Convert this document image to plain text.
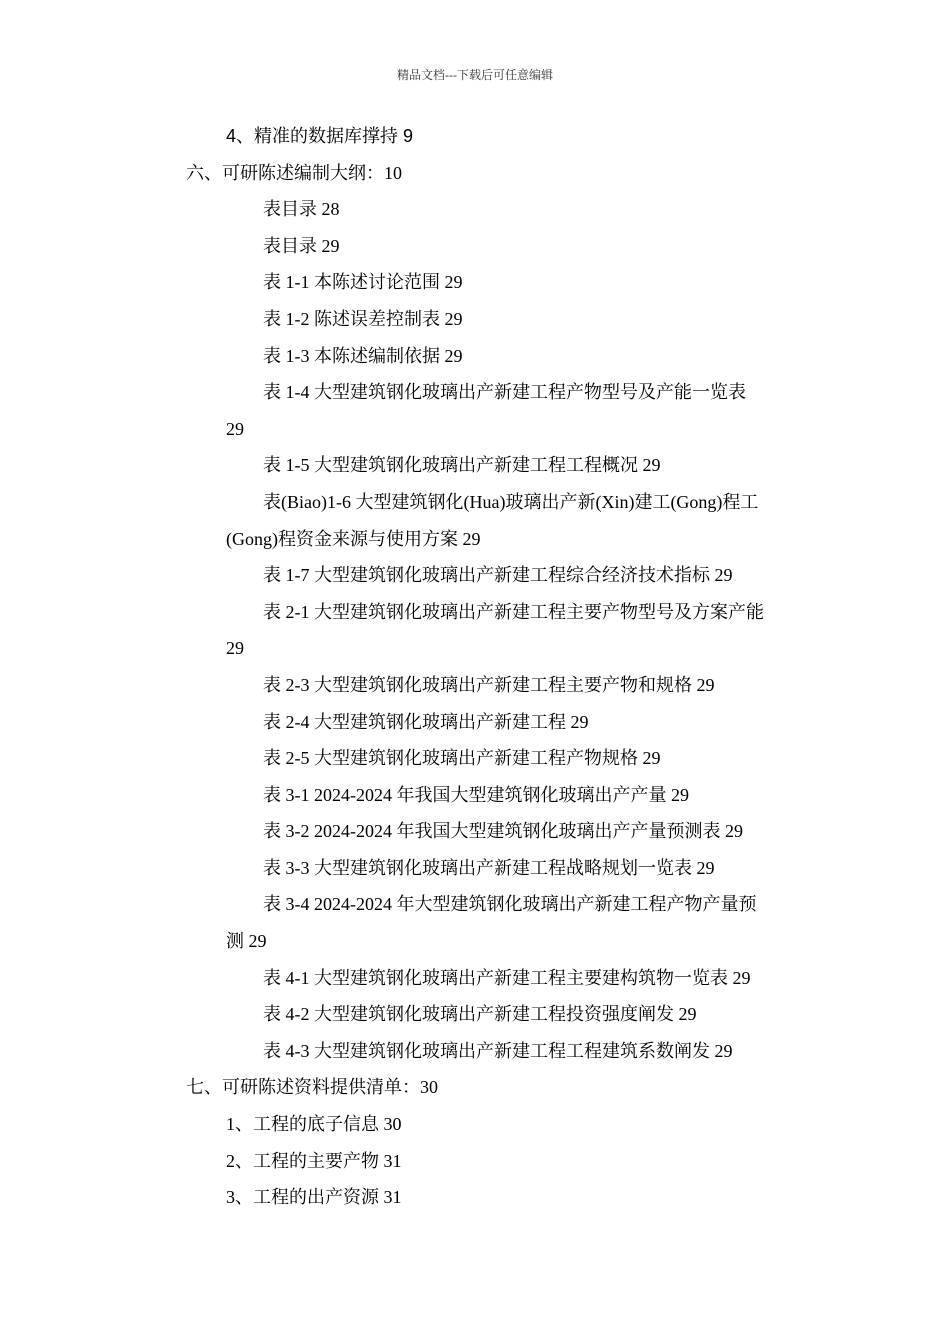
精品文档---下载后可任意编辑
4、精准的数据库撑持 9
六、可研陈述编制大纲：10
表目录 28
表目录 29
表 1-1 本陈述讨论范围 29
表 1-2 陈述误差控制表 29
表 1-3 本陈述编制依据 29
表 1-4 大型建筑钢化玻璃出产新建工程产物型号及产能一览表
29
表 1-5 大型建筑钢化玻璃出产新建工程工程概况 29
表(Biao)1-6 大型建筑钢化(Hua)玻璃出产新(Xin)建工(Gong)程工
(Gong)程资金来源与使用方案 29
表 1-7 大型建筑钢化玻璃出产新建工程综合经济技术指标 29
表 2-1 大型建筑钢化玻璃出产新建工程主要产物型号及方案产能
29
表 2-3 大型建筑钢化玻璃出产新建工程主要产物和规格 29
表 2-4 大型建筑钢化玻璃出产新建工程 29
表 2-5 大型建筑钢化玻璃出产新建工程产物规格 29
表 3-1 2024-2024 年我国大型建筑钢化玻璃出产产量 29
表 3-2 2024-2024 年我国大型建筑钢化玻璃出产产量预测表 29
表 3-3 大型建筑钢化玻璃出产新建工程战略规划一览表 29
表 3-4 2024-2024 年大型建筑钢化玻璃出产新建工程产物产量预
测 29
表 4-1 大型建筑钢化玻璃出产新建工程主要建构筑物一览表 29
表 4-2 大型建筑钢化玻璃出产新建工程投资强度阐发 29
表 4-3 大型建筑钢化玻璃出产新建工程工程建筑系数阐发 29
七、可研陈述资料提供清单：30
1、工程的底子信息 30
2、工程的主要产物 31
3、工程的出产资源 31
